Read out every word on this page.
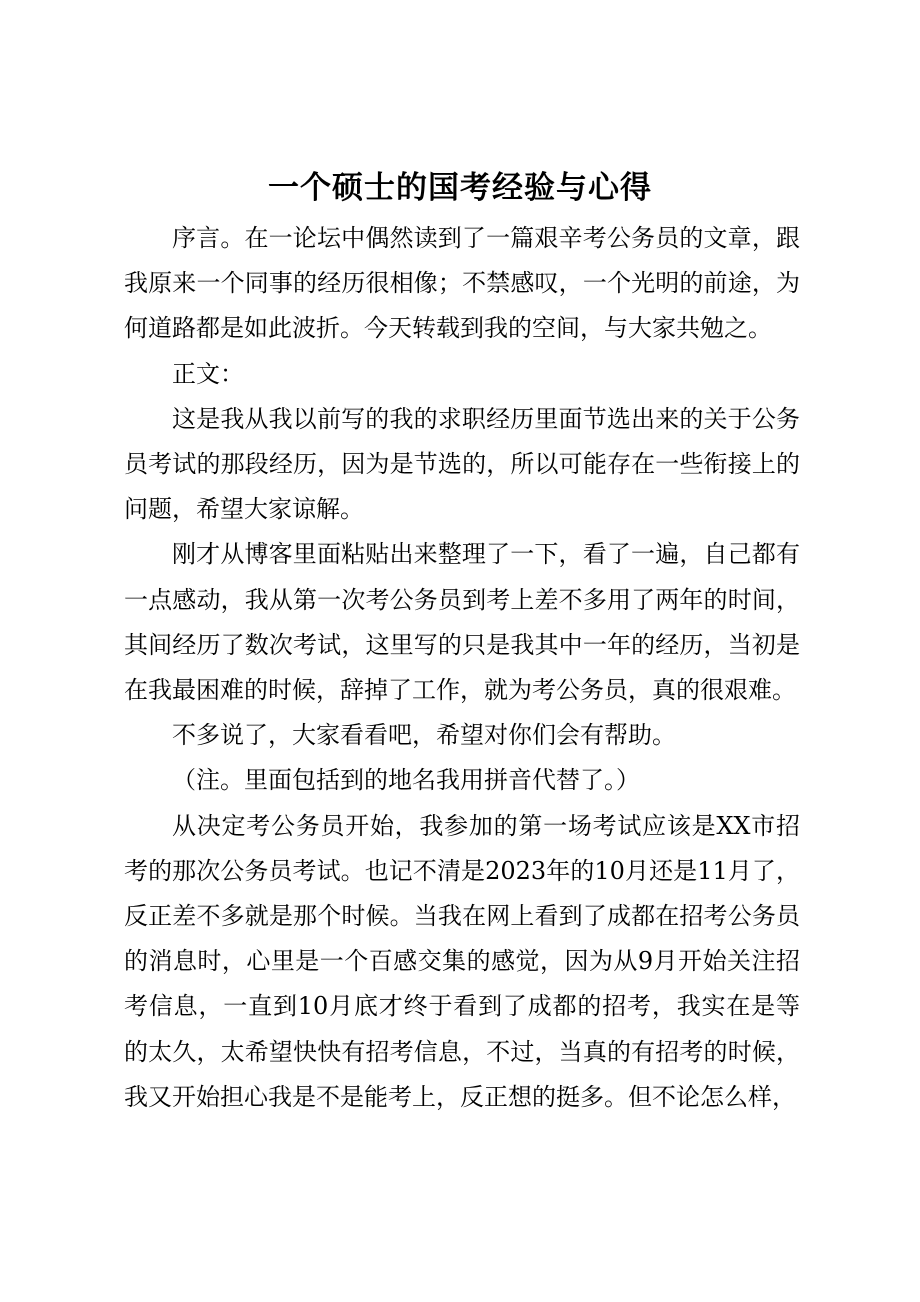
一个硕士的国考经验与心得

序言。在一论坛中偶然读到了一篇艰辛考公务员的文章，跟我原来一个同事的经历很相像；不禁感叹，一个光明的前途，为何道路都是如此波折。今天转载到我的空间，与大家共勉之。

正文：

这是我从我以前写的我的求职经历里面节选出来的关于公务员考试的那段经历，因为是节选的，所以可能存在一些衔接上的问题，希望大家谅解。

刚才从博客里面粘贴出来整理了一下，看了一遍，自己都有一点感动，我从第一次考公务员到考上差不多用了两年的时间，其间经历了数次考试，这里写的只是我其中一年的经历，当初是在我最困难的时候，辞掉了工作，就为考公务员，真的很艰难。

不多说了，大家看看吧，希望对你们会有帮助。

（注。里面包括到的地名我用拼音代替了。）

从决定考公务员开始，我参加的第一场考试应该是XX市招考的那次公务员考试。也记不清是2023年的10月还是11月了，反正差不多就是那个时候。当我在网上看到了成都在招考公务员的消息时，心里是一个百感交集的感觉，因为从9月开始关注招考信息，一直到10月底才终于看到了成都的招考，我实在是等的太久，太希望快快有招考信息，不过，当真的有招考的时候，我又开始担心我是不是能考上，反正想的挺多。但不论怎么样，
